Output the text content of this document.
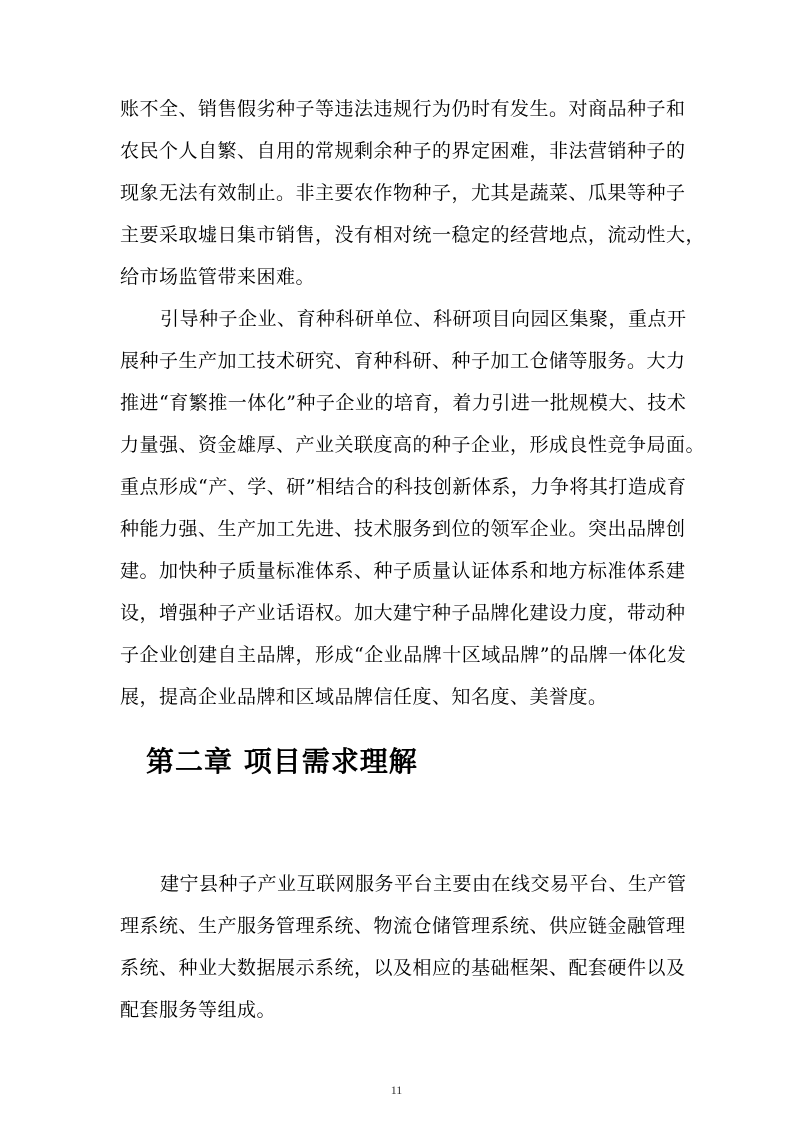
账不全、销售假劣种子等违法违规行为仍时有发生。对商品种子和
农民个人自繁、自用的常规剩余种子的界定困难，非法营销种子的
现象无法有效制止。非主要农作物种子，尤其是蔬菜、瓜果等种子
主要采取墟日集市销售，没有相对统一稳定的经营地点，流动性大，
给市场监管带来困难。
引导种子企业、育种科研单位、科研项目向园区集聚，重点开
展种子生产加工技术研究、育种科研、种子加工仓储等服务。大力
推进“育繁推一体化”种子企业的培育，着力引进一批规模大、技术
力量强、资金雄厚、产业关联度高的种子企业，形成良性竞争局面。
重点形成“产、学、研”相结合的科技创新体系，力争将其打造成育
种能力强、生产加工先进、技术服务到位的领军企业。突出品牌创
建。加快种子质量标准体系、种子质量认证体系和地方标准体系建
设，增强种子产业话语权。加大建宁种子品牌化建设力度，带动种
子企业创建自主品牌，形成“企业品牌十区域品牌”的品牌一体化发
展，提高企业品牌和区域品牌信任度、知名度、美誉度。
第二章 项目需求理解
建宁县种子产业互联网服务平台主要由在线交易平台、生产管
理系统、生产服务管理系统、物流仓储管理系统、供应链金融管理
系统、种业大数据展示系统，以及相应的基础框架、配套硬件以及
配套服务等组成。
11
